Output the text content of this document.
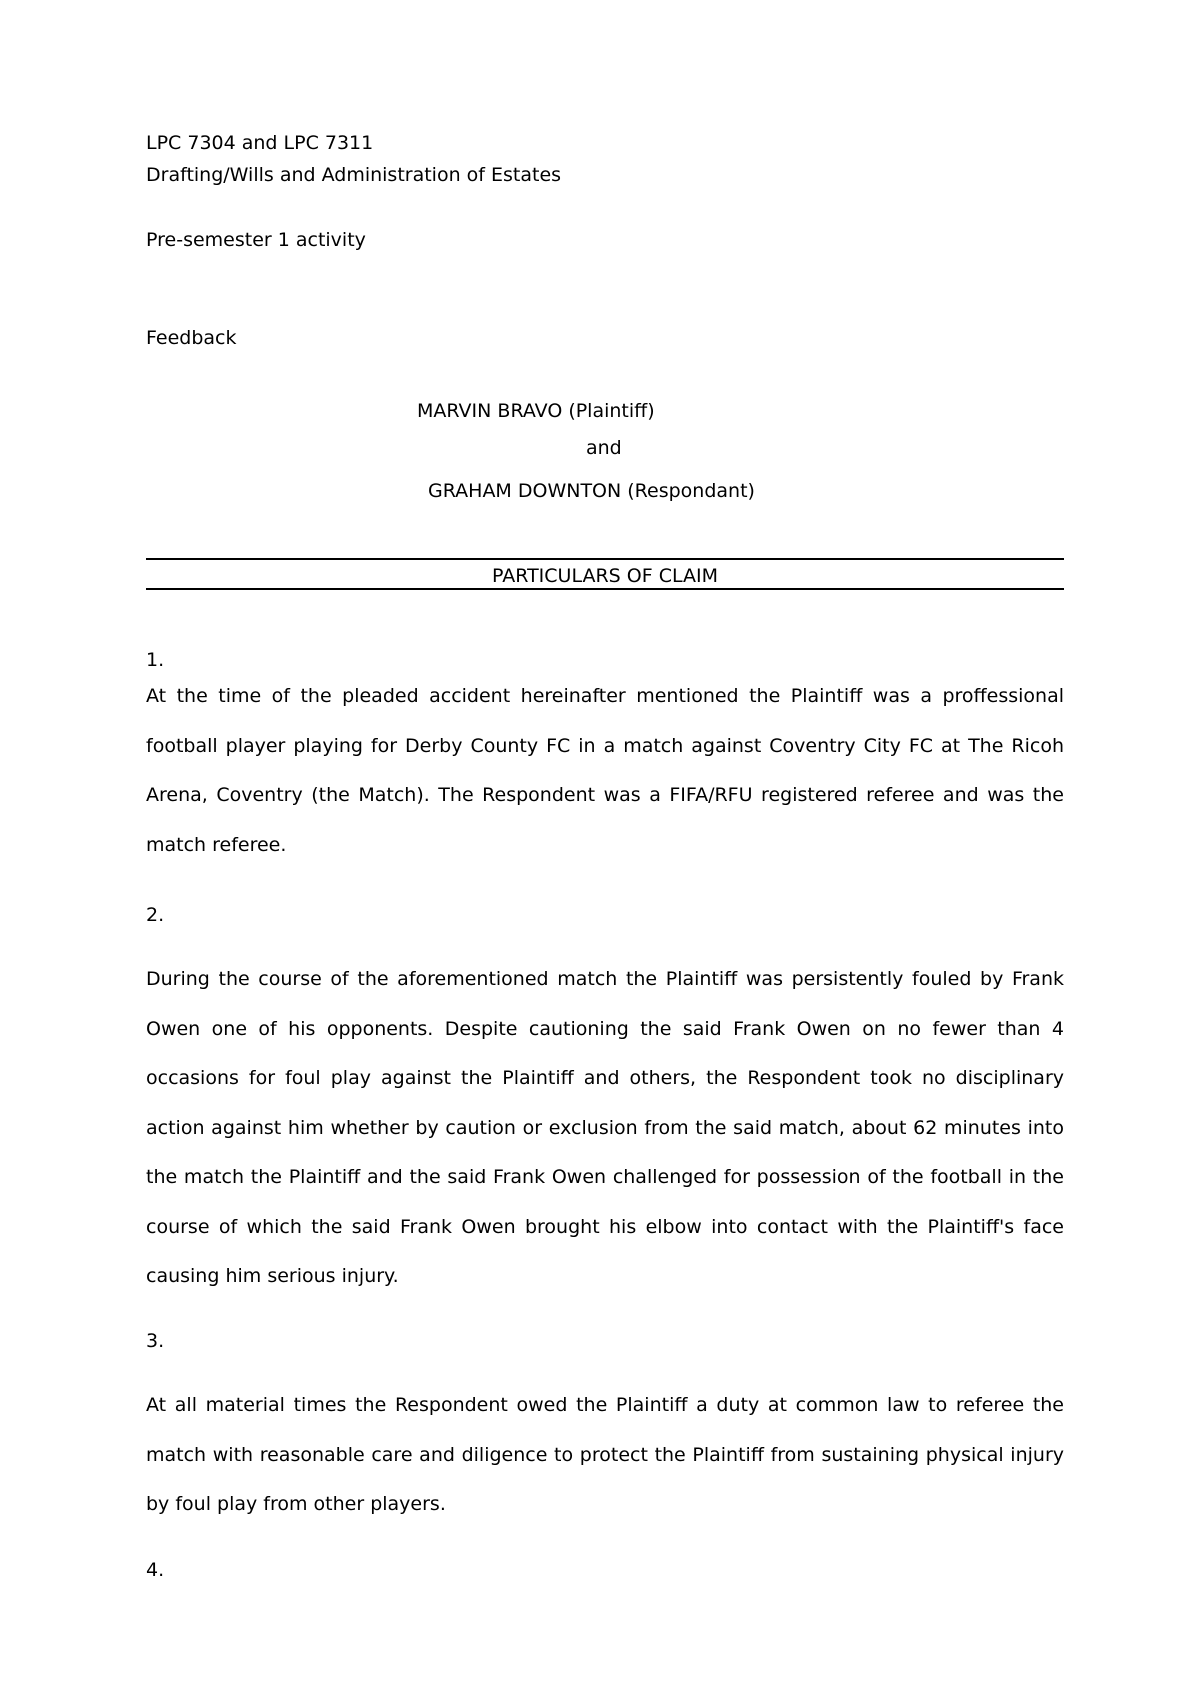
LPC 7304 and LPC 7311
Drafting/Wills and Administration of Estates
Pre-semester 1 activity
Feedback
MARVIN BRAVO (Plaintiff)
and
GRAHAM DOWNTON (Respondant)
PARTICULARS OF CLAIM
1.
At the time of the pleaded accident hereinafter mentioned the Plaintiff was a proffessional football player playing for Derby County FC in a match against Coventry City FC at The Ricoh Arena, Coventry (the Match). The Respondent was a FIFA/RFU registered referee and was the match referee.
2.
During the course of the aforementioned match the Plaintiff was persistently fouled by Frank Owen one of his opponents. Despite cautioning the said Frank Owen on no fewer than 4 occasions for foul play against the Plaintiff and others, the Respondent took no disciplinary action against him whether by caution or exclusion from the said match, about 62 minutes into the match the Plaintiff and the said Frank Owen challenged for possession of the football in the course of which the said Frank Owen brought his elbow into contact with the Plaintiff's face causing him serious injury.
3.
At all material times the Respondent owed the Plaintiff a duty at common law to referee the match with reasonable care and diligence to protect the Plaintiff from sustaining physical injury by foul play from other players.
4.
